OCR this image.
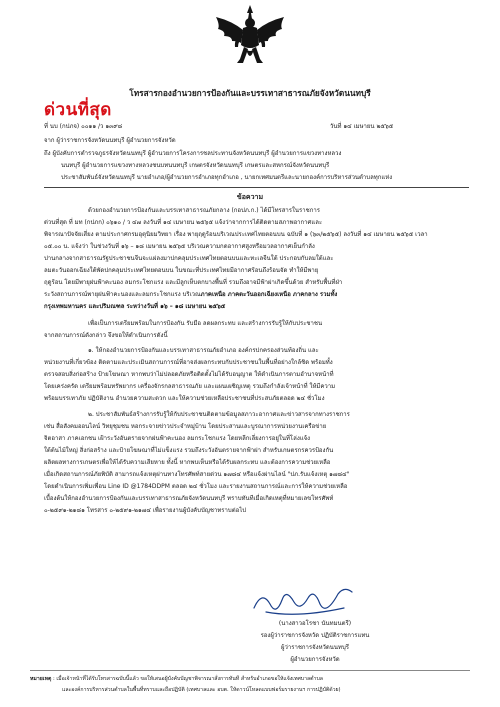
โทรสารกองอำนวยการป้องกันและบรรเทาสาธารณภัยจังหวัดนนทบุรี
ด่วนที่สุด
ที่ นบ (กปภจ) ๐๐๑๑ /ว ๑๓๙๘	วันที่ ๑๔ เมษายน ๒๕๖๕
จาก ผู้ว่าราชการจังหวัดนนทบุรี ผู้อำนวยการจังหวัด
ถึง ผู้บังคับการตำรวจภูธรจังหวัดนนทบุรี ผู้อำนวยการโครงการชลประทานจังหวัดนนทบุรี ผู้อำนวยการแขวงทางหลวง
นนทบุรี ผู้อำนวยการแขวงทางหลวงชนบทนนทบุรี เกษตรจังหวัดนนทบุรี เกษตรและสหกรณ์จังหวัดนนทบุรี
ประชาสัมพันธ์จังหวัดนนทบุรี นายอำเภอ/ผู้อำนวยการอำเภอทุกอำเภอ , นายกเทศมนตรีและนายกองค์การบริหารส่วนตำบลทุกแห่ง
ข้อความ
ด้วยกองอำนวยการป้องกันและบรรเทาสาธารณภัยกลาง (กอปภ.ก.) ได้มีโทรสารในราชการ
ด่วนที่สุด ที่ มท (กปภก) ๐๖๑๐ / ว ๔๗ ลงวันที่ ๑๔ เมษายน ๒๕๖๕ แจ้งว่าจากการได้ติดตามสภาพอากาศและ
พิจารณาปัจจัยเสี่ยง ตามประกาศกรมอุตุนิยมวิทยา เรื่อง พายุฤดูร้อนบริเวณประเทศไทยตอนบน ฉบับที่ ๑ (๖๓/๒๕๖๕) ลงวันที่ ๑๔ เมษายน ๒๕๖๕ เวลา
๐๕.๐๐ น. แจ้งว่า ในช่วงวันที่ ๑๖ – ๑๘ เมษายน ๒๕๖๕ บริเวณความกดอากาศสูงหรือมวลอากาศเย็นกำลัง
ปานกลางจากสาธารณรัฐประชาชนจีนจะแผ่ลงมาปกคลุมประเทศไทยตอนบนและทะเลจีนใต้ ประกอบกับลมใต้และ
ลมตะวันออกเฉียงใต้พัดปกคลุมประเทศไทยตอนบน ในขณะที่ประเทศไทยมีอากาศร้อนถึงร้อนจัด ทำให้มีพายุ
ฤดูร้อน โดยมีพายุฝนฟ้าคะนอง ลมกระโชกแรง และมีลูกเห็บตกบางพื้นที่ รวมถึงอาจมีฟ้าผ่าเกิดขึ้นด้วย สำหรับพื้นที่ฝ่า
ระวังสถานการณ์พายุฝนฟ้าคะนองและลมกระโชกแรง บริเวณภาคเหนือ ภาคตะวันออกเฉียงเหนือ ภาคกลาง รวมทั้ง
กรุงเทพมหานคร และปริมณฑล ระหว่างวันที่ ๑๖ – ๑๘ เมษายน ๒๕๖๕
เพื่อเป็นการเตรียมพร้อมในการป้องกัน รับมือ ลดผลกระทบ และสร้างการรับรู้ให้กับประชาชน
จากสถานการณ์ดังกล่าว จึงขอให้ดำเนินการดังนี้
๑. ให้กองอำนวยการป้องกันและบรรเทาสาธารณภัยอำเภอ องค์กรปกครองส่วนท้องถิ่น และ
หน่วยงานที่เกี่ยวข้อง ติดตามและประเมินสถานการณ์ที่อาจส่งผลกระทบกับประชาชนในพื้นที่อย่างใกล้ชิด พร้อมทั้ง
ตรวจสอบสิ่งก่อสร้าง ป้ายโฆษณา หากพบว่าไม่ปลอดภัยหรือติดตั้งไม่ได้รับอนุญาต ให้ดำเนินการตามอำนาจหน้าที่
โดยเคร่งครัด เตรียมพร้อมทรัพยากร เครื่องจักรกลสาธารณภัย และแผนเผชิญเหตุ รวมถึงกำลังเจ้าหน้าที่ ให้มีความ
พร้อมบรรเทาภัย ปฏิบัติงาน อำนวยความสะดวก และให้ความช่วยเหลือประชาชนที่ประสบภัยตลอด ๒๔ ชั่วโมง
๒. ประชาสัมพันธ์สร้างการรับรู้ให้กับประชาชนติดตามข้อมูลสภาวะอากาศและข่าวสารจากทางราชการ
เช่น สื่อสังคมออนไลน์ วิทยุชุมชน หอกระจายข่าวประจำหมู่บ้าน โดยประสานและบูรณาการหน่วยงานเครือข่าย
จิตอาสา ภาคเอกชน เฝ้าระวังอันตรายจากฝนฟ้าคะนอง ลมกระโชกแรง โดยหลีกเลี่ยงการอยู่ในที่โล่งแจ้ง
ใต้ต้นไม้ใหญ่ สิ่งก่อสร้าง และป้ายโฆษณาที่ไม่แข็งแรง รวมถึงระวังอันตรายจากฟ้าผ่า สำหรับเกษตรกรควรป้องกัน
ผลิตผลทางการเกษตรเพื่อให้ได้รับความเสียหาย ทั้งนี้ หากพบเห็นหรือได้รับผลกระทบ และต้องการความช่วยเหลือ
เมื่อเกิดสถานการณ์ภัยพิบัติ สามารถแจ้งเหตุผ่านทางโทรศัพท์สายด่วน ๑๗๘๔ หรือแจ้งผ่านไลน์ "ปภ.รับแจ้งเหตุ ๑๗๘๔"
โดยดำเนินการเพิ่มเพื่อน Line ID @1784DDPM ตลอด ๒๔ ชั่วโมง และรายงานสถานการณ์และการให้ความช่วยเหลือ
เบื้องต้นให้กองอำนวยการป้องกันและบรรเทาสาธารณภัยจังหวัดนนทบุรี ทราบทันทีเมื่อเกิดเหตุที่หมายเลขโทรศัพท์
๐-๒๕๙๑-๒๑๘๑ โทรสาร ๐-๒๕๙๑-๒๑๗๔ เพื่อรายงานผู้บังคับบัญชาทราบต่อไป
(นางสาวอโรชา นันทมนตรี)
รองผู้ว่าราชการจังหวัด ปฏิบัติราชการแทน
ผู้ว่าราชการจังหวัดนนทบุรี
ผู้อำนวยการจังหวัด
หมายเหตุ : เมื่อเจ้าหน้าที่ได้รับโทรสารฉบับนี้แล้ว ขอให้เสนอผู้บังคับบัญชาพิจารณาสั่งการทันที สำหรับอำเภอขอให้แจ้งเทศบาลตำบล
และองค์การบริหารส่วนตำบลในพื้นที่ทราบและถือปฏิบัติ (เทศบาลและ อบต. ให้ดาวน์โหลดแบบฟอร์มรายงานฯ การปฏิบัติด้วย)
